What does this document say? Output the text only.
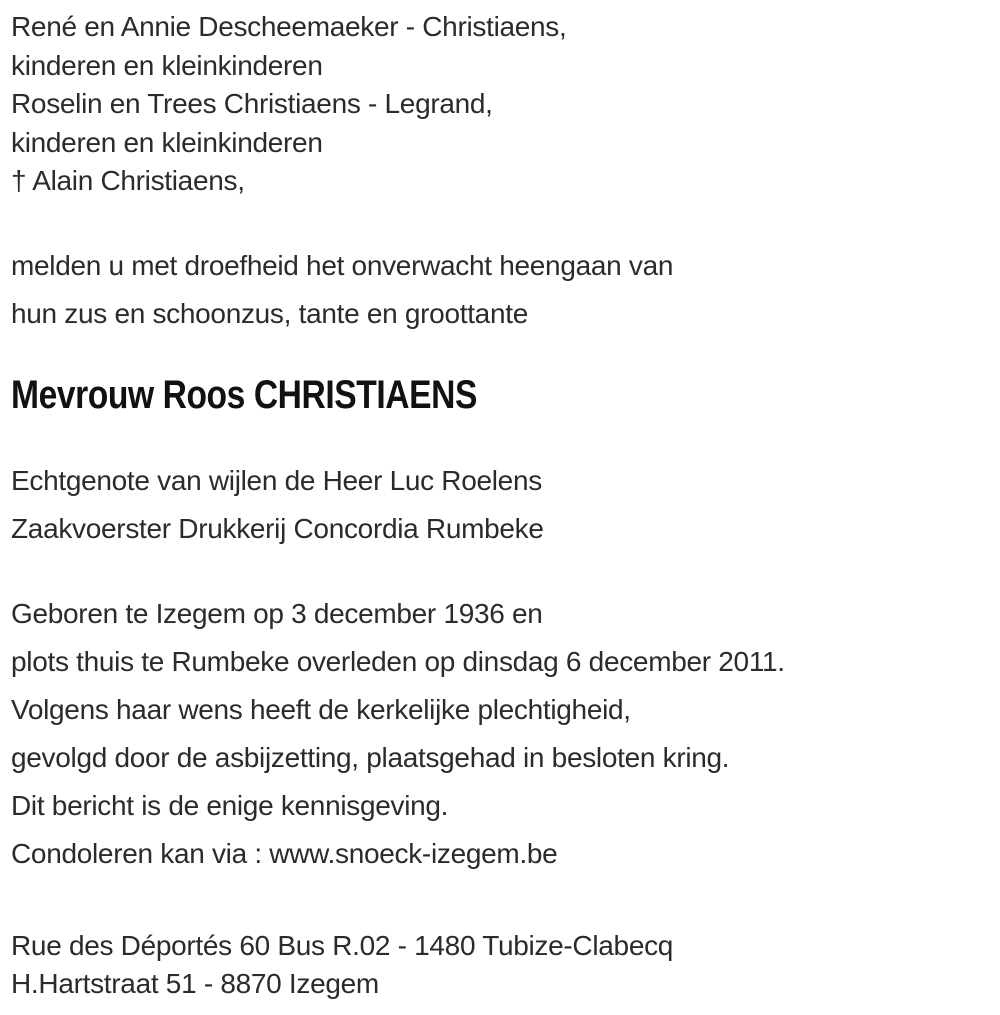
René en Annie Descheemaeker - Christiaens,
kinderen en kleinkinderen
Roselin en Trees Christiaens - Legrand,
kinderen en kleinkinderen
† Alain Christiaens,

melden u met droefheid het onverwacht heengaan van
hun zus en schoonzus, tante en groottante

Mevrouw Roos CHRISTIAENS

Echtgenote van wijlen de Heer Luc Roelens
Zaakvoerster Drukkerij Concordia Rumbeke

Geboren te Izegem op 3 december 1936 en
plots thuis te Rumbeke overleden op dinsdag 6 december 2011.
Volgens haar wens heeft de kerkelijke plechtigheid,
gevolgd door de asbijzetting, plaatsgehad in besloten kring.
Dit bericht is de enige kennisgeving.
Condoleren kan via : www.snoeck-izegem.be

Rue des Déportés 60 Bus R.02 - 1480 Tubize-Clabecq
H.Hartstraat 51 - 8870 Izegem
